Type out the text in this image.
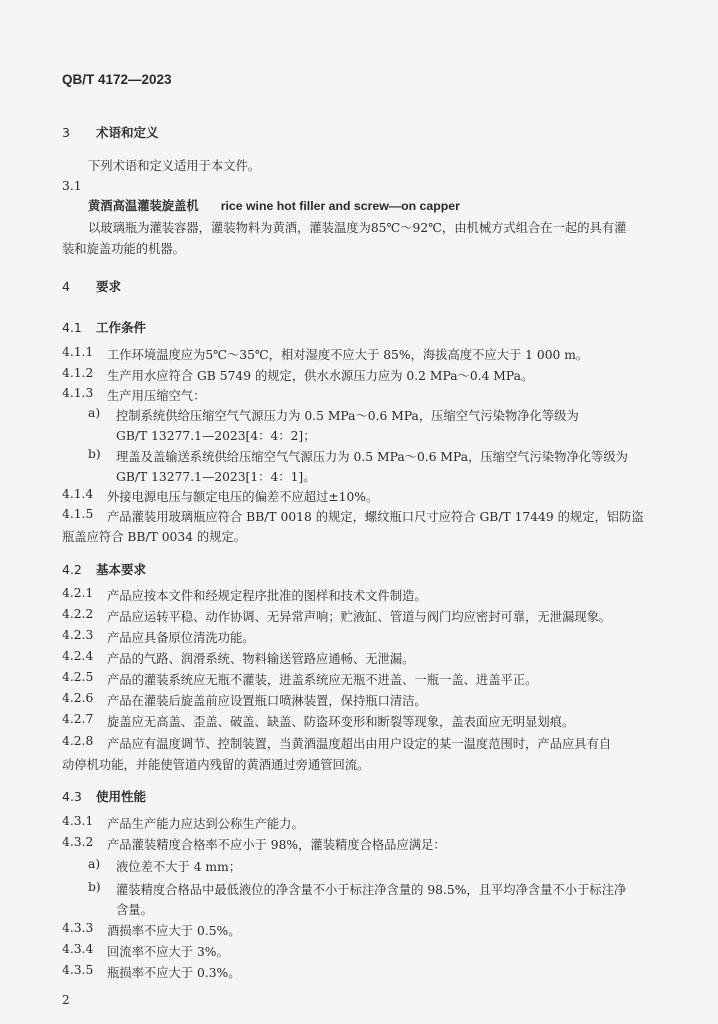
QB/T 4172—2023
3 术语和定义
下列术语和定义适用于本文件。
3.1
黄酒高温灌装旋盖机 rice wine hot filler and screw—on capper
以玻璃瓶为灌装容器，灌装物料为黄酒，灌装温度为85℃～92℃，由机械方式组合在一起的具有灌
装和旋盖功能的机器。
4 要求
4.1 工作条件
4.1.1 工作环境温度应为5℃～35℃，相对湿度不应大于 85%，海拔高度不应大于 1 000 m。
4.1.2 生产用水应符合 GB 5749 的规定，供水水源压力应为 0.2 MPa～0.4 MPa。
4.1.3 生产用压缩空气：
a) 控制系统供给压缩空气气源压力为 0.5 MPa～0.6 MPa，压缩空气污染物净化等级为
GB/T 13277.1—2023[4：4：2]；
b) 理盖及盖输送系统供给压缩空气气源压力为 0.5 MPa～0.6 MPa，压缩空气污染物净化等级为
GB/T 13277.1—2023[1：4：1]。
4.1.4 外接电源电压与额定电压的偏差不应超过±10%。
4.1.5 产品灌装用玻璃瓶应符合 BB/T 0018 的规定，螺纹瓶口尺寸应符合 GB/T 17449 的规定，铝防盗
瓶盖应符合 BB/T 0034 的规定。
4.2 基本要求
4.2.1 产品应按本文件和经规定程序批准的图样和技术文件制造。
4.2.2 产品应运转平稳、动作协调、无异常声响；贮液缸、管道与阀门均应密封可靠，无泄漏现象。
4.2.3 产品应具备原位清洗功能。
4.2.4 产品的气路、润滑系统、物料输送管路应通畅、无泄漏。
4.2.5 产品的灌装系统应无瓶不灌装，进盖系统应无瓶不进盖、一瓶一盖、进盖平正。
4.2.6 产品在灌装后旋盖前应设置瓶口喷淋装置，保持瓶口清洁。
4.2.7 旋盖应无高盖、歪盖、破盖、缺盖、防盗环变形和断裂等现象，盖表面应无明显划痕。
4.2.8 产品应有温度调节、控制装置，当黄酒温度超出由用户设定的某一温度范围时，产品应具有自
动停机功能，并能使管道内残留的黄酒通过旁通管回流。
4.3 使用性能
4.3.1 产品生产能力应达到公称生产能力。
4.3.2 产品灌装精度合格率不应小于 98%，灌装精度合格品应满足：
a) 液位差不大于 4 mm；
b) 灌装精度合格品中最低液位的净含量不小于标注净含量的 98.5%，且平均净含量不小于标注净
含量。
4.3.3 酒损率不应大于 0.5%。
4.3.4 回流率不应大于 3%。
4.3.5 瓶损率不应大于 0.3%。
2
